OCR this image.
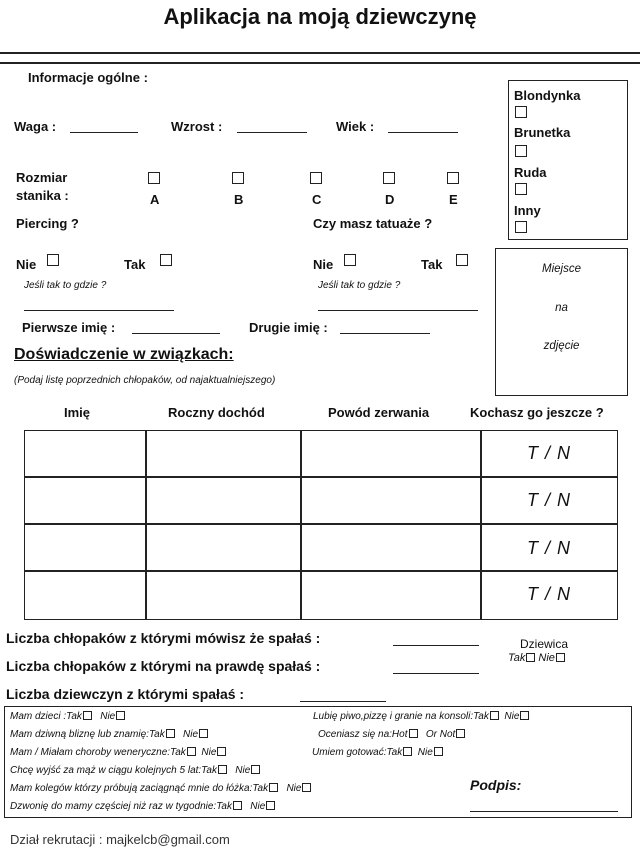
Aplikacja na moją dziewczynę
Informacje ogólne :
Waga :	Wzrost :	Wiek :
Rozmiar
stanika :	A	B	C	D	E
Piercing ?	Czy masz tatuaże ?
Nie	Tak
Jeśli tak to gdzie ?
Nie	Tak
Jeśli tak to gdzie ?
Pierwsze imię :	Drugie imię :
Blondynka
Brunetka
Ruda
Inny
Miejsce
na
zdjęcie
Doświadczenie w związkach:
(Podaj listę poprzednich chłopaków, od najaktualniejszego)
Imię	Roczny dochód	Powód zerwania	Kochasz go jeszcze ?
T / N
T / N
T / N
T / N
Liczba chłopaków z którymi mówisz że spałaś :
Liczba chłopaków z którymi na prawdę spałaś :
Liczba dziewczyn z którymi spałaś :
Dziewica
Tak Nie
Mam dzieci :Tak Nie
Mam dziwną bliznę lub znamię:Tak Nie
Mam / Miałam choroby weneryczne:Tak Nie
Chcę wyjść za mąż w ciągu kolejnych 5 lat:Tak Nie
Mam kolegów którzy próbują zaciągnąć mnie do łóżka:Tak Nie
Dzwonię do mamy częściej niż raz w tygodnie:Tak Nie
Lubię piwo,pizzę i granie na konsoli:Tak Nie
Oceniasz się na:Hot Or Not
Umiem gotować:Tak Nie
Podpis:
Dział rekrutacji : majkelcb@gmail.com
